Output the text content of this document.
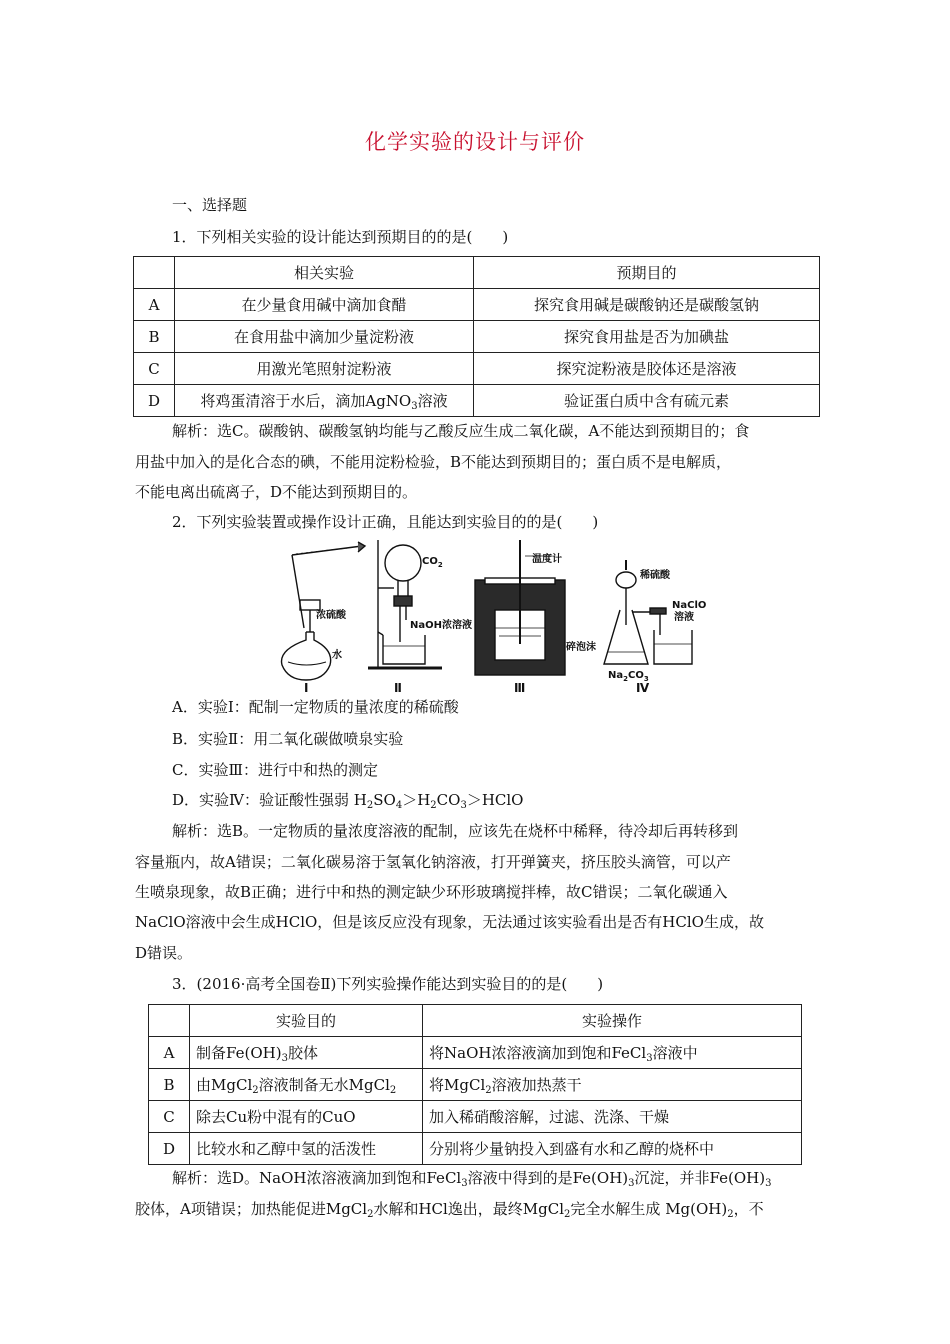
化学实验的设计与评价
一、选择题
1．下列相关实验的设计能达到预期目的的是(　　)
	相关实验	预期目的
A	在少量食用碱中滴加食醋	探究食用碱是碳酸钠还是碳酸氢钠
B	在食用盐中滴加少量淀粉液	探究食用盐是否为加碘盐
C	用激光笔照射淀粉液	探究淀粉液是胶体还是溶液
D	将鸡蛋清溶于水后，滴加AgNO$_3$溶液	验证蛋白质中含有硫元素
解析：选C。碳酸钠、碳酸氢钠均能与乙酸反应生成二氧化碳，A不能达到预期目的；食
用盐中加入的是化合态的碘，不能用淀粉检验，B不能达到预期目的；蛋白质不是电解质，
不能电离出硫离子，D不能达到预期目的。
2．下列实验装置或操作设计正确，且能达到实验目的的是(　　)
浓硫酸
水
$CO_2$
NaOH浓溶液
温度计
碎泡沫
稀硫酸
NaClO
溶液
$Na_2CO_3$
Ⅰ	Ⅱ	Ⅲ	Ⅳ
A．实验Ⅰ：配制一定物质的量浓度的稀硫酸
B．实验Ⅱ：用二氧化碳做喷泉实验
C．实验Ⅲ：进行中和热的测定
D．实验Ⅳ：验证酸性强弱 $H_2SO_4>H_2CO_3>HClO$
解析：选B。一定物质的量浓度溶液的配制，应该先在烧杯中稀释，待冷却后再转移到
容量瓶内，故A错误；二氧化碳易溶于氢氧化钠溶液，打开弹簧夹，挤压胶头滴管，可以产
生喷泉现象，故B正确；进行中和热的测定缺少环形玻璃搅拌棒，故C错误；二氧化碳通入
NaClO溶液中会生成HClO，但是该反应没有现象，无法通过该实验看出是否有HClO生成，故
D错误。
3．(2016·高考全国卷Ⅱ)下列实验操作能达到实验目的的是(　　)
	实验目的	实验操作
A	制备$Fe(OH)_3$胶体	将NaOH浓溶液滴加到饱和FeCl$_3$溶液中
B	由MgCl$_2$溶液制备无水MgCl$_2$	将MgCl$_2$溶液加热蒸干
C	除去Cu粉中混有的CuO	加入稀硝酸溶解，过滤、洗涤、干燥
D	比较水和乙醇中氢的活泼性	分别将少量钠投入到盛有水和乙醇的烧杯中
解析：选D。NaOH浓溶液滴加到饱和FeCl$_3$溶液中得到的是$Fe(OH)_3$沉淀，并非$Fe(OH)_3$
胶体，A项错误；加热能促进MgCl$_2$水解和HCl逸出，最终MgCl$_2$完全水解生成 $Mg(OH)_2$，不
